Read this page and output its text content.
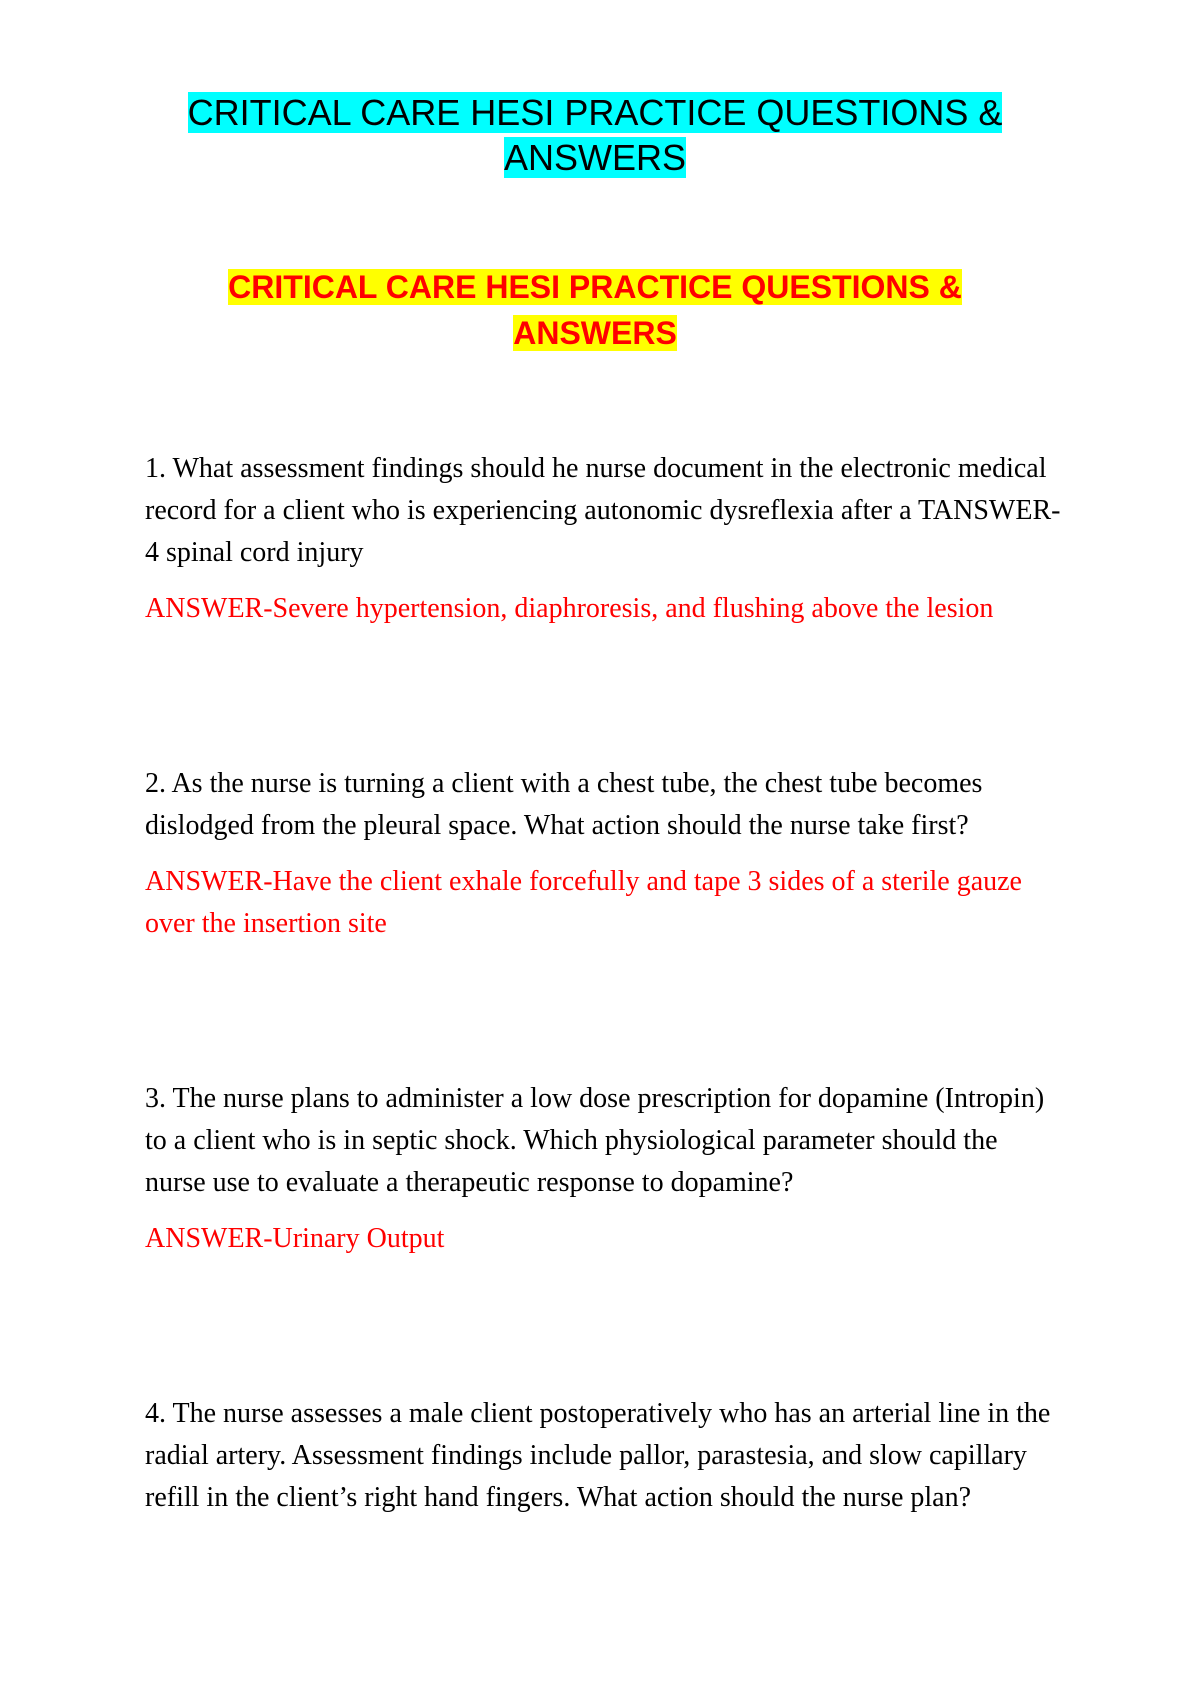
CRITICAL CARE HESI PRACTICE QUESTIONS & ANSWERS
CRITICAL CARE HESI PRACTICE QUESTIONS & ANSWERS

1. What assessment findings should he nurse document in the electronic medical record for a client who is experiencing autonomic dysreflexia after a TANSWER-4 spinal cord injury

ANSWER-Severe hypertension, diaphroresis, and flushing above the lesion

2. As the nurse is turning a client with a chest tube, the chest tube becomes dislodged from the pleural space. What action should the nurse take first?

ANSWER-Have the client exhale forcefully and tape 3 sides of a sterile gauze over the insertion site

3. The nurse plans to administer a low dose prescription for dopamine (Intropin) to a client who is in septic shock. Which physiological parameter should the nurse use to evaluate a therapeutic response to dopamine?

ANSWER-Urinary Output

4. The nurse assesses a male client postoperatively who has an arterial line in the radial artery. Assessment findings include pallor, parastesia, and slow capillary refill in the client’s right hand fingers. What action should the nurse plan?
